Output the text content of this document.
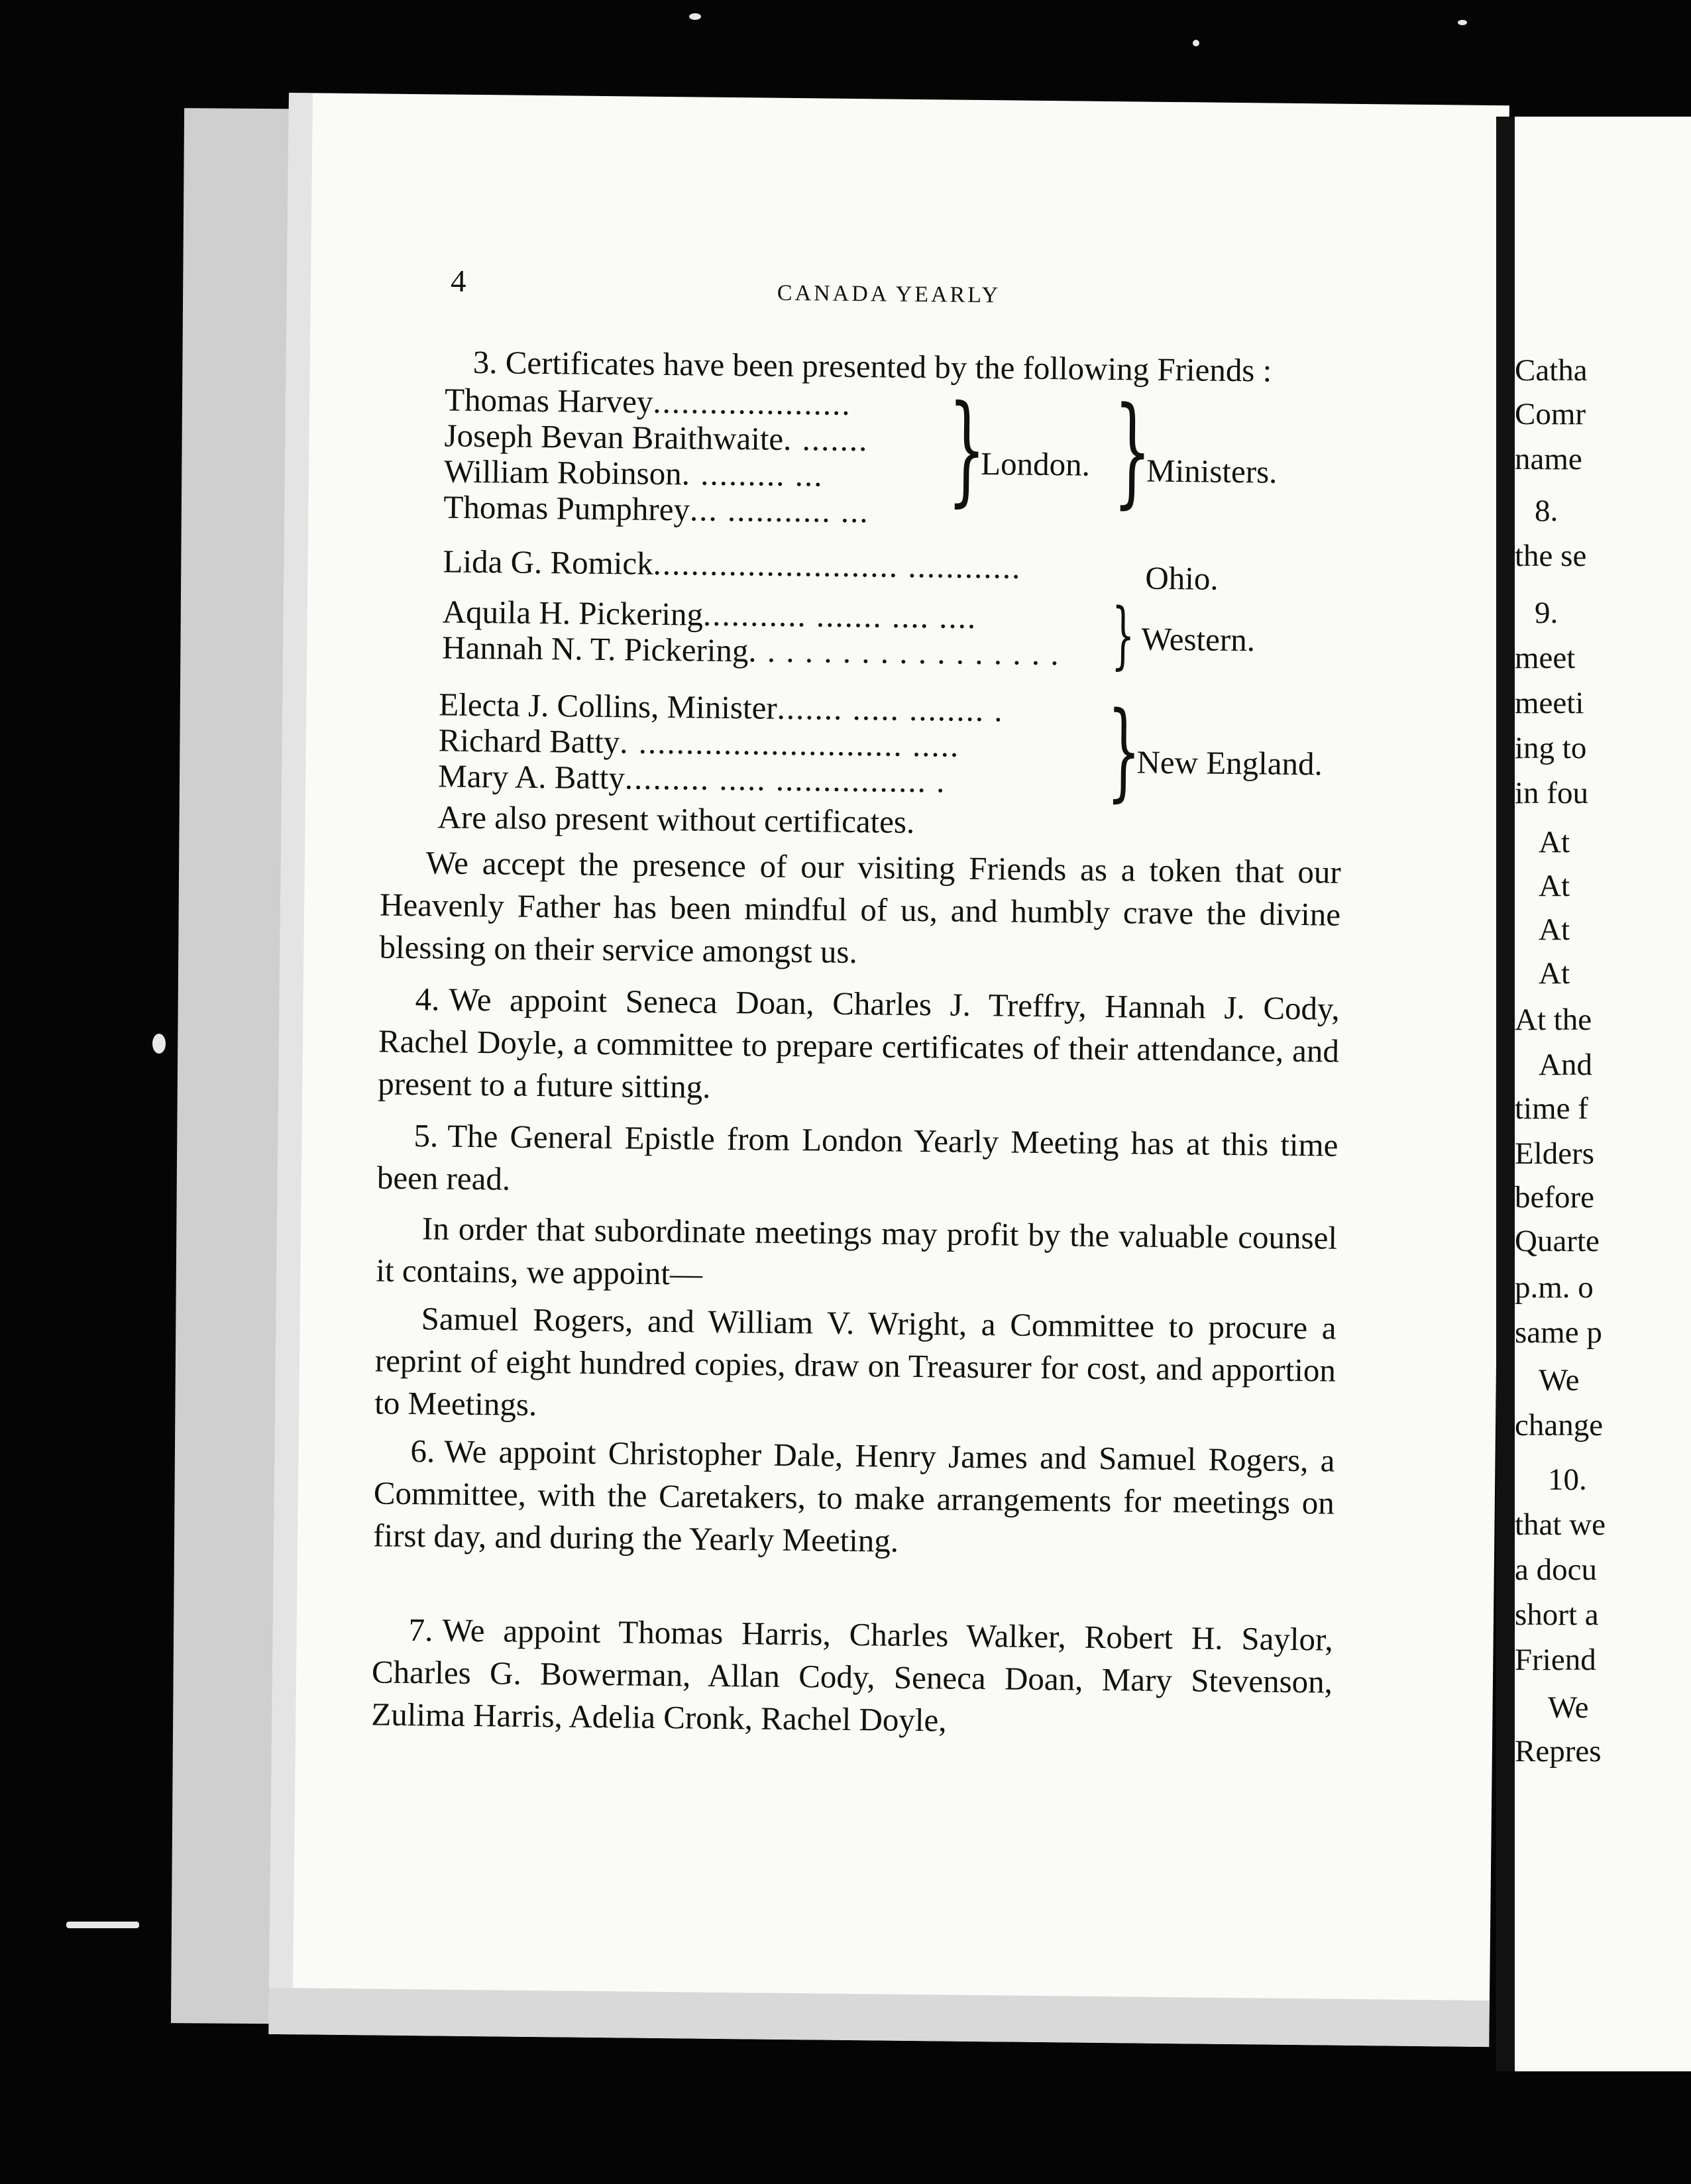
4	CANADA YEARLY
3. Certificates have been presented by the following Friends :
Thomas Harvey.....................
Joseph Bevan Braithwaite. .......
William Robinson. ......... ...
Thomas Pumphrey... ........... ... }
London. }
Ministers.
Lida G. Romick.......................... ............	Ohio.
Aquila H. Pickering........... ....... .... ....
Hannah N. T. Pickering. . . . . . . . . . . . . . . . . } Western.
Electa J. Collins, Minister....... ..... ........ .
Richard Batty. ............................ .....
Mary A. Batty......... ..... ................ . }
New England.
Are also present without certificates.
We accept the presence of our visiting Friends as a token that our Heavenly Father has been mindful of us, and humbly crave the divine blessing on their service amongst us.
4. We appoint Seneca Doan, Charles J. Treffry, Hannah J. Cody, Rachel Doyle, a committee to prepare certificates of their attendance, and present to a future sitting.
5. The General Epistle from London Yearly Meeting has at this time been read.
In order that subordinate meetings may profit by the valuable counsel it contains, we appoint—
Samuel Rogers, and William V. Wright, a Committee to procure a reprint of eight hundred copies, draw on Treasurer for cost, and apportion to Meetings.
6. We appoint Christopher Dale, Henry James and Samuel Rogers, a Committee, with the Caretakers, to make arrangements for meetings on first day, and during the Yearly Meeting.
7. We appoint Thomas Harris, Charles Walker, Robert H. Saylor, Charles G. Bowerman, Allan Cody, Seneca Doan, Mary Stevenson, Zulima Harris, Adelia Cronk, Rachel Doyle,
Catha
Comr
name
8.
the se
9.
meet
meeti
ing to
in fou
At
At
At
At
At the
And
time f
Elders
before
Quarte
p.m. o
same p
We
change
10.
that we
a docu
short a
Friend
We
Repres
